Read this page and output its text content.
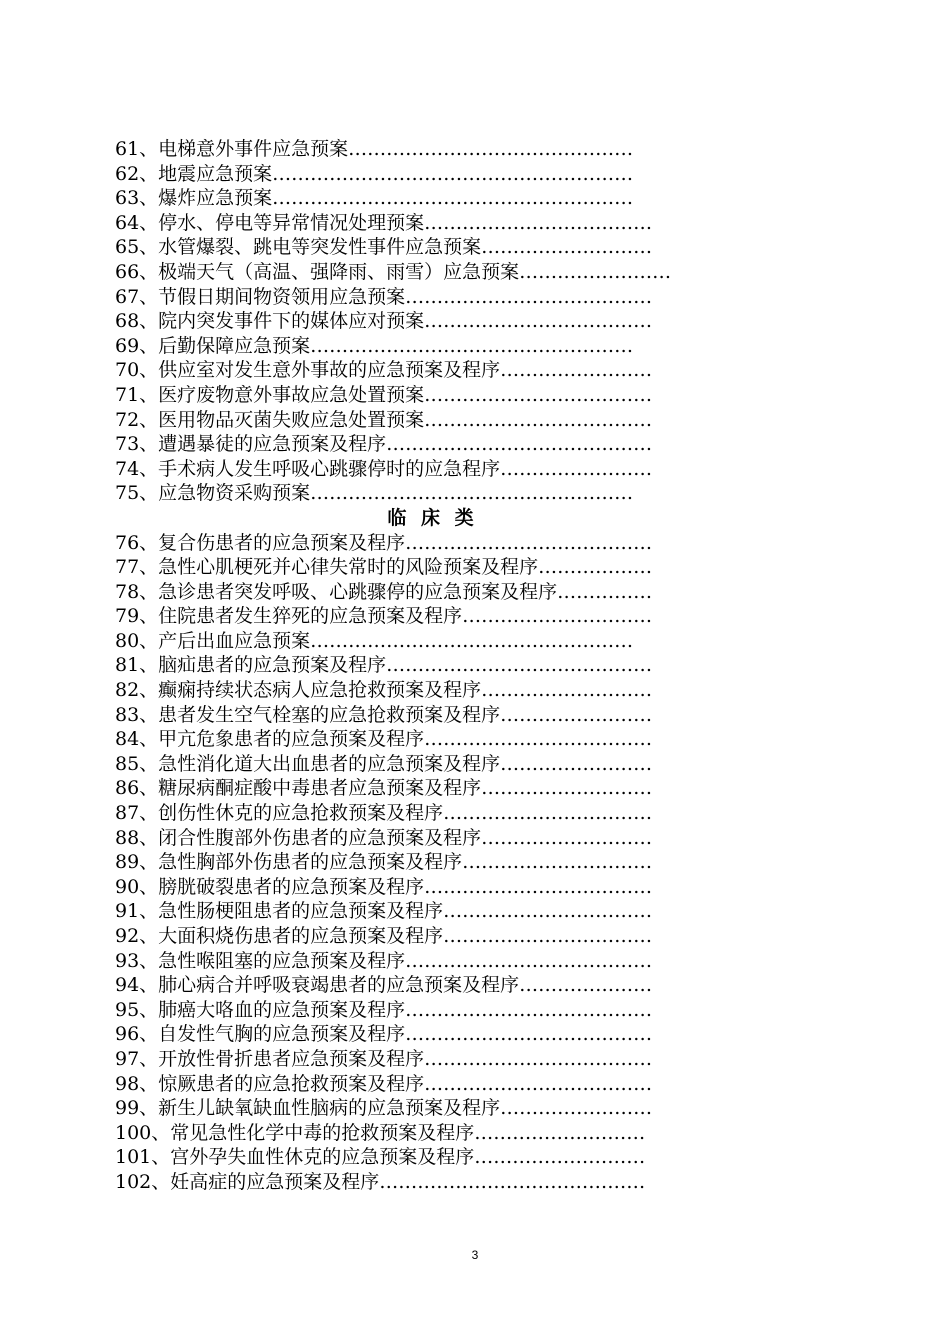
61、电梯意外事件应急预案………………………………………
62、地震应急预案…………………………………………………
63、爆炸应急预案…………………………………………………
64、停水、停电等异常情况处理预案………………………………
65、水管爆裂、跳电等突发性事件应急预案………………………
66、极端天气（高温、强降雨、雨雪）应急预案……………………
67、节假日期间物资领用应急预案…………………………………
68、院内突发事件下的媒体应对预案………………………………
69、后勤保障应急预案……………………………………………
70、供应室对发生意外事故的应急预案及程序……………………
71、医疗废物意外事故应急处置预案………………………………
72、医用物品灭菌失败应急处置预案………………………………
73、遭遇暴徒的应急预案及程序……………………………………
74、手术病人发生呼吸心跳骤停时的应急程序……………………
75、应急物资采购预案……………………………………………
临 床 类
76、复合伤患者的应急预案及程序…………………………………
77、急性心肌梗死并心律失常时的风险预案及程序………………
78、急诊患者突发呼吸、心跳骤停的应急预案及程序……………
79、住院患者发生猝死的应急预案及程序…………………………
80、产后出血应急预案……………………………………………
81、脑疝患者的应急预案及程序……………………………………
82、癫痫持续状态病人应急抢救预案及程序………………………
83、患者发生空气栓塞的应急抢救预案及程序……………………
84、甲亢危象患者的应急预案及程序………………………………
85、急性消化道大出血患者的应急预案及程序……………………
86、糖尿病酮症酸中毒患者应急预案及程序………………………
87、创伤性休克的应急抢救预案及程序……………………………
88、闭合性腹部外伤患者的应急预案及程序………………………
89、急性胸部外伤患者的应急预案及程序…………………………
90、膀胱破裂患者的应急预案及程序………………………………
91、急性肠梗阻患者的应急预案及程序……………………………
92、大面积烧伤患者的应急预案及程序……………………………
93、急性喉阻塞的应急预案及程序…………………………………
94、肺心病合并呼吸衰竭患者的应急预案及程序…………………
95、肺癌大咯血的应急预案及程序…………………………………
96、自发性气胸的应急预案及程序…………………………………
97、开放性骨折患者应急预案及程序………………………………
98、惊厥患者的应急抢救预案及程序………………………………
99、新生儿缺氧缺血性脑病的应急预案及程序……………………
100、常见急性化学中毒的抢救预案及程序………………………
101、宫外孕失血性休克的应急预案及程序………………………
102、妊高症的应急预案及程序……………………………………
3
